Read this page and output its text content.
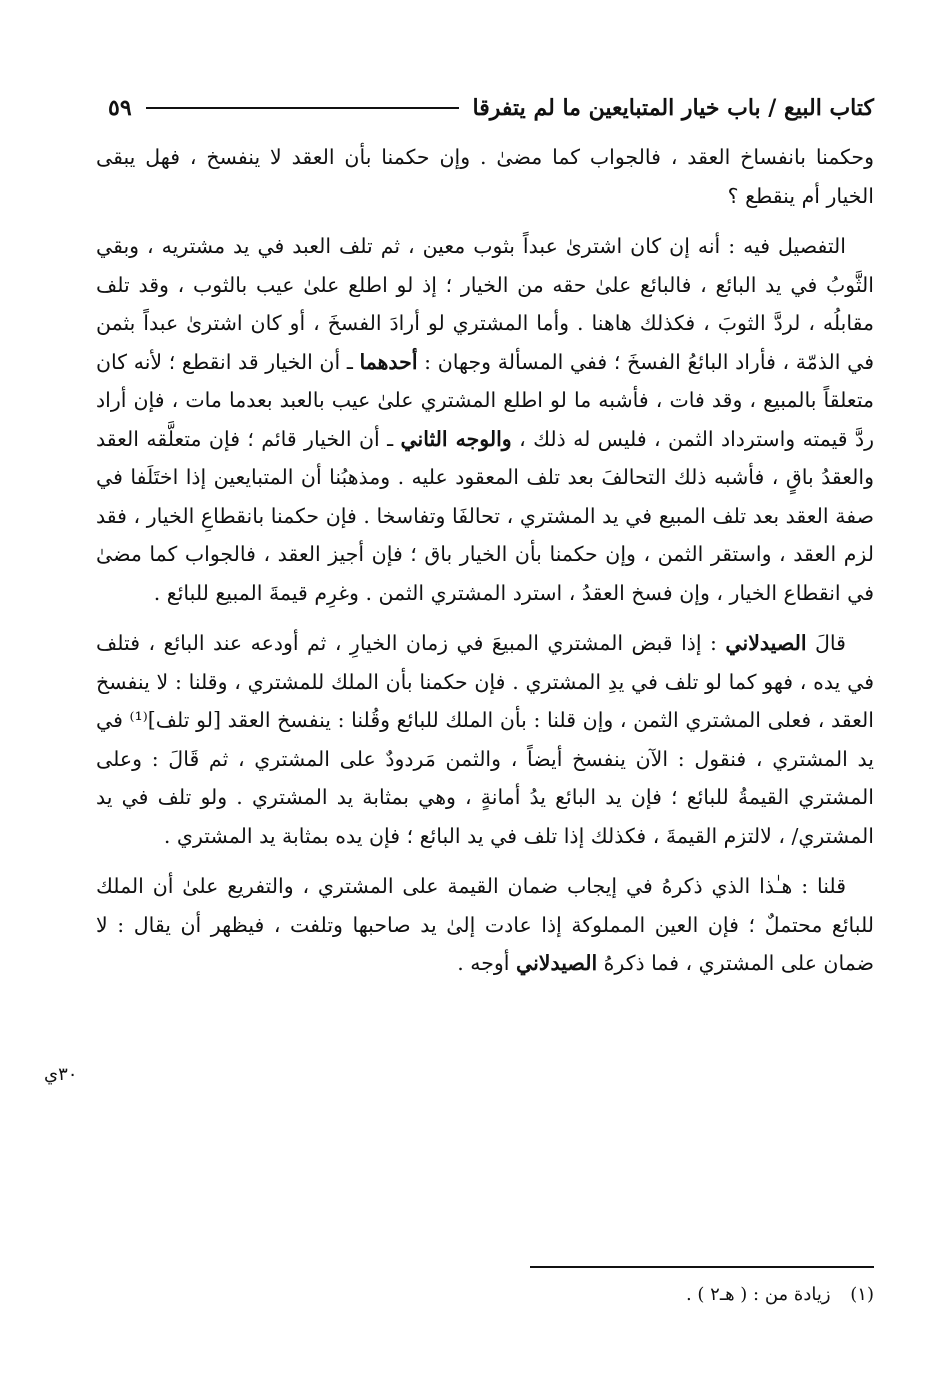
كتاب البيع / باب خيار المتبايعين ما لم يتفرقا
٥٩

وحكمنا بانفساخ العقد ، فالجواب كما مضىٰ . وإن حكمنا بأن العقد لا ينفسخ ، فهل يبقى الخيار أم ينقطع ؟

التفصيل فيه : أنه إن كان اشترىٰ عبداً بثوب معين ، ثم تلف العبد في يد مشتريه ، وبقي الثَّوبُ في يد البائع ، فالبائع علىٰ حقه من الخيار ؛ إذ لو اطلع علىٰ عيب بالثوب ، وقد تلف مقابلُه ، لردَّ الثوبَ ، فكذلك هاهنا . وأما المشتري لو أرادَ الفسخَ ، أو كان اشترىٰ عبداً بثمن في الذمّة ، فأراد البائعُ الفسخَ ؛ ففي المسألة وجهان : أحدهما ـ أن الخيار قد انقطع ؛ لأنه كان متعلقاً بالمبيع ، وقد فات ، فأشبه ما لو اطلع المشتري علىٰ عيب بالعبد بعدما مات ، فإن أراد ردَّ قيمته واسترداد الثمن ، فليس له ذلك ، والوجه الثاني ـ أن الخيار قائم ؛ فإن متعلَّقه العقد والعقدُ باقٍ ، فأشبه ذلك التحالفَ بعد تلف المعقود عليه . ومذهبُنا أن المتبايعين إذا اختَلَفا في صفة العقد بعد تلف المبيع في يد المشتري ، تحالفَا وتفاسخا . فإن حكمنا بانقطاعِ الخيار ، فقد لزم العقد ، واستقر الثمن ، وإن حكمنا بأن الخيار باق ؛ فإن أجيز العقد ، فالجواب كما مضىٰ في انقطاع الخيار ، وإن فسخ العقدُ ، استرد المشتري الثمن . وغرِم قيمةَ المبيع للبائع .

قالَ الصيدلاني : إذا قبض المشتري المبيعَ في زمان الخيارِ ، ثم أودعه عند البائع ، فتلف في يده ، فهو كما لو تلف في يدِ المشتري . فإن حكمنا بأن الملك للمشتري ، وقلنا : لا ينفسخ العقد ، فعلى المشتري الثمن ، وإن قلنا : بأن الملك للبائع وقُلنا : ينفسخ العقد [لو تلف]⁽¹⁾ في يد المشتري ، فنقول : الآن ينفسخ أيضاً ، والثمن مَردودٌ على المشتري ، ثم قَالَ : وعلى المشتري القيمةُ للبائع ؛ فإن يد البائع يدُ أمانةٍ ، وهي بمثابة يد المشتري . ولو تلف في يد المشتري/ ، لالتزم القيمةَ ، فكذلك إذا تلف في يد البائع ؛ فإن يده بمثابة يد المشتري .

قلنا : هـٰذا الذي ذكرهُ في إيجاب ضمان القيمة على المشتري ، والتفريع علىٰ أن الملك للبائع محتملٌ ؛ فإن العين المملوكة إذا عادت إلىٰ يد صاحبها وتلفت ، فيظهر أن يقال : لا ضمان على المشتري ، فما ذكرهُ الصيدلاني أوجه .

٣٠ي
(١) زيادة من : ( هـ٢ ) .
